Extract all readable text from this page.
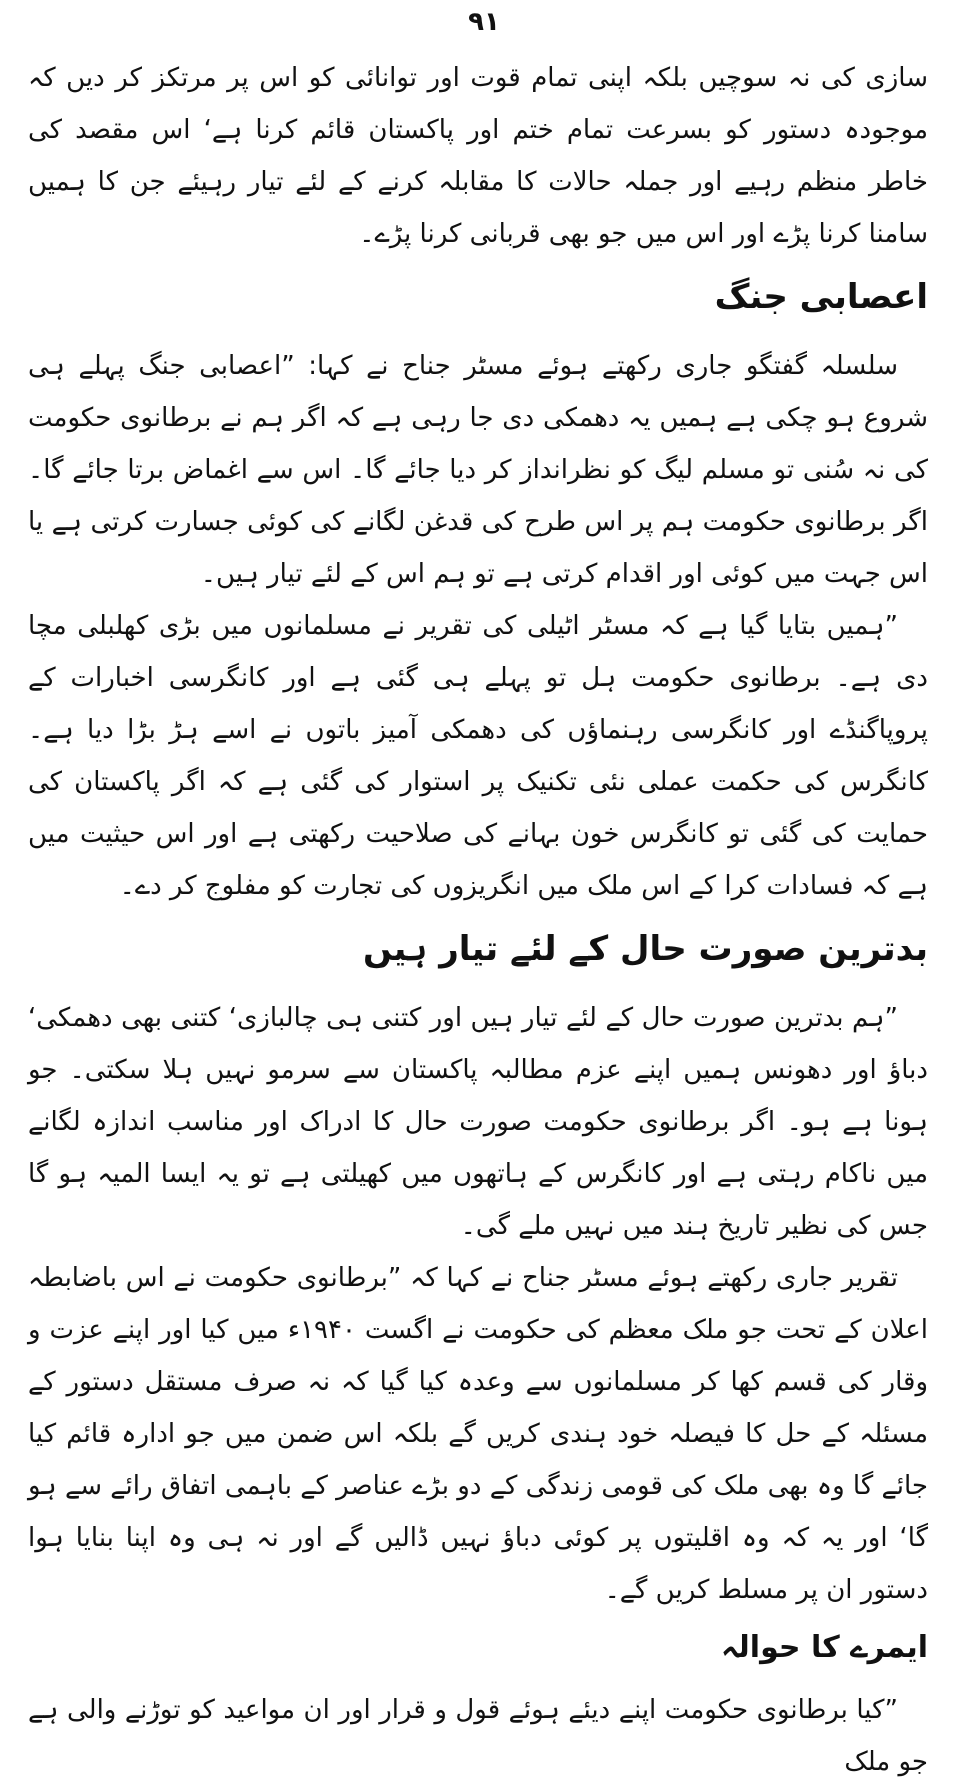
۹۱

سازی کی نہ سوچیں بلکہ اپنی تمام قوت اور توانائی کو اس پر مرتکز کر دیں کہ موجودہ دستور کو بسرعت تمام ختم اور پاکستان قائم کرنا ہے‘ اس مقصد کی خاطر منظم رہیے اور جملہ حالات کا مقابلہ کرنے کے لئے تیار رہیئے جن کا ہمیں سامنا کرنا پڑے اور اس میں جو بھی قربانی کرنا پڑے۔

اعصابی جنگ

سلسلہ گفتگو جاری رکھتے ہوئے مسٹر جناح نے کہا: ”اعصابی جنگ پہلے ہی شروع ہو چکی ہے ہمیں یہ دھمکی دی جا رہی ہے کہ اگر ہم نے برطانوی حکومت کی نہ سُنی تو مسلم لیگ کو نظرانداز کر دیا جائے گا۔ اس سے اغماض برتا جائے گا۔ اگر برطانوی حکومت ہم پر اس طرح کی قدغن لگانے کی کوئی جسارت کرتی ہے یا اس جہت میں کوئی اور اقدام کرتی ہے تو ہم اس کے لئے تیار ہیں۔

”ہمیں بتایا گیا ہے کہ مسٹر اٹیلی کی تقریر نے مسلمانوں میں بڑی کھلبلی مچا دی ہے۔ برطانوی حکومت ہل تو پہلے ہی گئی ہے اور کانگرسی اخبارات کے پروپاگنڈے اور کانگرسی رہنماؤں کی دھمکی آمیز باتوں نے اسے ہڑ بڑا دیا ہے۔ کانگرس کی حکمت عملی نئی تکنیک پر استوار کی گئی ہے کہ اگر پاکستان کی حمایت کی گئی تو کانگرس خون بہانے کی صلاحیت رکھتی ہے اور اس حیثیت میں ہے کہ فسادات کرا کے اس ملک میں انگریزوں کی تجارت کو مفلوج کر دے۔

بدترین صورت حال کے لئے تیار ہیں

”ہم بدترین صورت حال کے لئے تیار ہیں اور کتنی ہی چالبازی‘ کتنی بھی دھمکی‘ دباؤ اور دھونس ہمیں اپنے عزم مطالبہ پاکستان سے سرمو نہیں ہلا سکتی۔ جو ہونا ہے ہو۔ اگر برطانوی حکومت صورت حال کا ادراک اور مناسب اندازہ لگانے میں ناکام رہتی ہے اور کانگرس کے ہاتھوں میں کھیلتی ہے تو یہ ایسا المیہ ہو گا جس کی نظیر تاریخ ہند میں نہیں ملے گی۔

تقریر جاری رکھتے ہوئے مسٹر جناح نے کہا کہ ”برطانوی حکومت نے اس باضابطہ اعلان کے تحت جو ملک معظم کی حکومت نے اگست ۱۹۴۰ء میں کیا اور اپنے عزت و وقار کی قسم کھا کر مسلمانوں سے وعدہ کیا گیا کہ نہ صرف مستقل دستور کے مسئلہ کے حل کا فیصلہ خود ہندی کریں گے بلکہ اس ضمن میں جو ادارہ قائم کیا جائے گا وہ بھی ملک کی قومی زندگی کے دو بڑے عناصر کے باہمی اتفاق رائے سے ہو گا‘ اور یہ کہ وہ اقلیتوں پر کوئی دباؤ نہیں ڈالیں گے اور نہ ہی وہ اپنا بنایا ہوا دستور ان پر مسلط کریں گے۔

ایمرے کا حوالہ

”کیا برطانوی حکومت اپنے دیئے ہوئے قول و قرار اور ان مواعید کو توڑنے والی ہے جو ملک
